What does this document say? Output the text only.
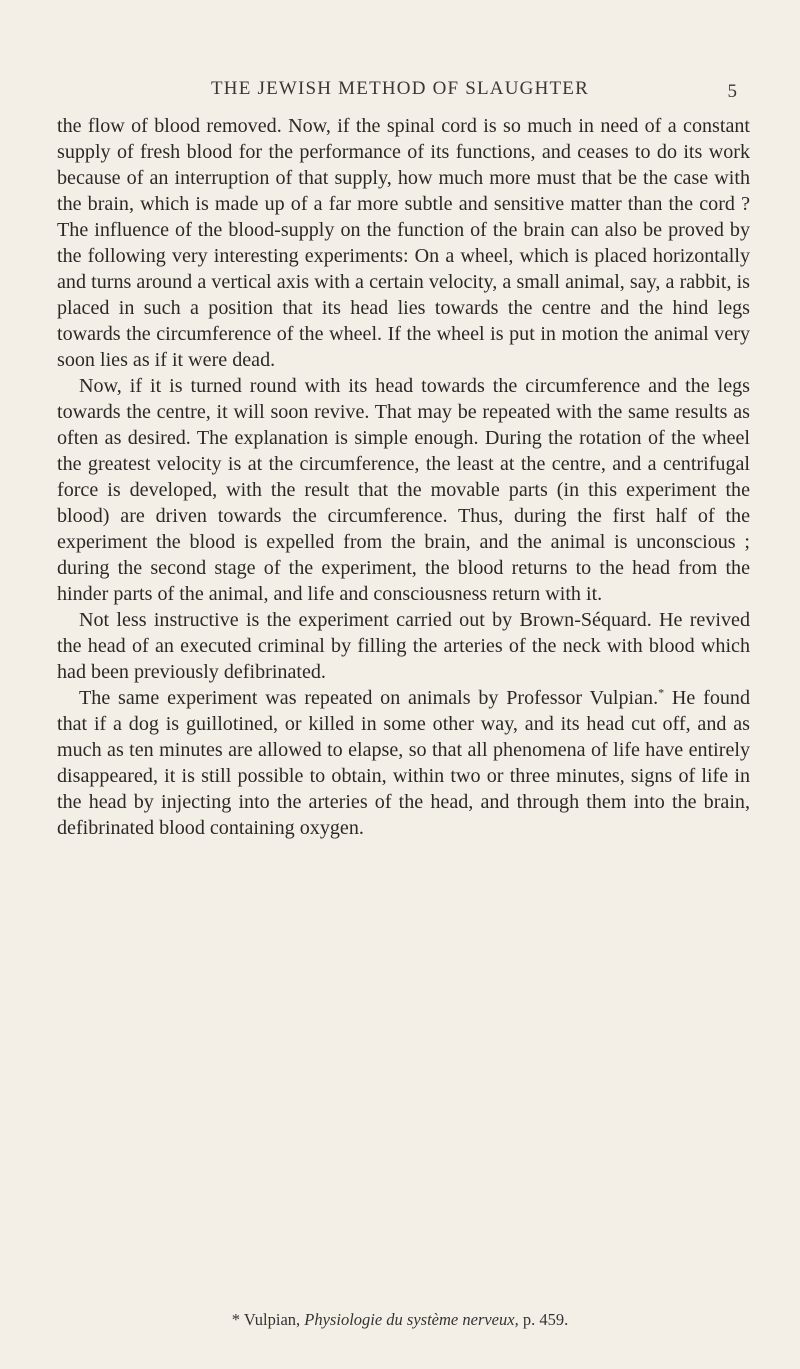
THE JEWISH METHOD OF SLAUGHTER	5

the flow of blood removed. Now, if the spinal cord is so much in need of a constant supply of fresh blood for the performance of its functions, and ceases to do its work because of an interruption of that supply, how much more must that be the case with the brain, which is made up of a far more subtle and sensitive matter than the cord ? The influence of the blood-supply on the function of the brain can also be proved by the following very interesting experiments: On a wheel, which is placed horizontally and turns around a vertical axis with a certain velocity, a small animal, say, a rabbit, is placed in such a position that its head lies towards the centre and the hind legs towards the circumference of the wheel. If the wheel is put in motion the animal very soon lies as if it were dead.

Now, if it is turned round with its head towards the circumference and the legs towards the centre, it will soon revive. That may be repeated with the same results as often as desired. The explanation is simple enough. During the rotation of the wheel the greatest velocity is at the circumference, the least at the centre, and a centrifugal force is developed, with the result that the movable parts (in this experiment the blood) are driven towards the circumference. Thus, during the first half of the experiment the blood is expelled from the brain, and the animal is unconscious ; during the second stage of the experiment, the blood returns to the head from the hinder parts of the animal, and life and consciousness return with it.

Not less instructive is the experiment carried out by Brown-Séquard. He revived the head of an executed criminal by filling the arteries of the neck with blood which had been previously defibrinated.

The same experiment was repeated on animals by Professor Vulpian.* He found that if a dog is guillotined, or killed in some other way, and its head cut off, and as much as ten minutes are allowed to elapse, so that all phenomena of life have entirely disappeared, it is still possible to obtain, within two or three minutes, signs of life in the head by injecting into the arteries of the head, and through them into the brain, defibrinated blood containing oxygen.

* Vulpian, Physiologie du système nerveux, p. 459.
